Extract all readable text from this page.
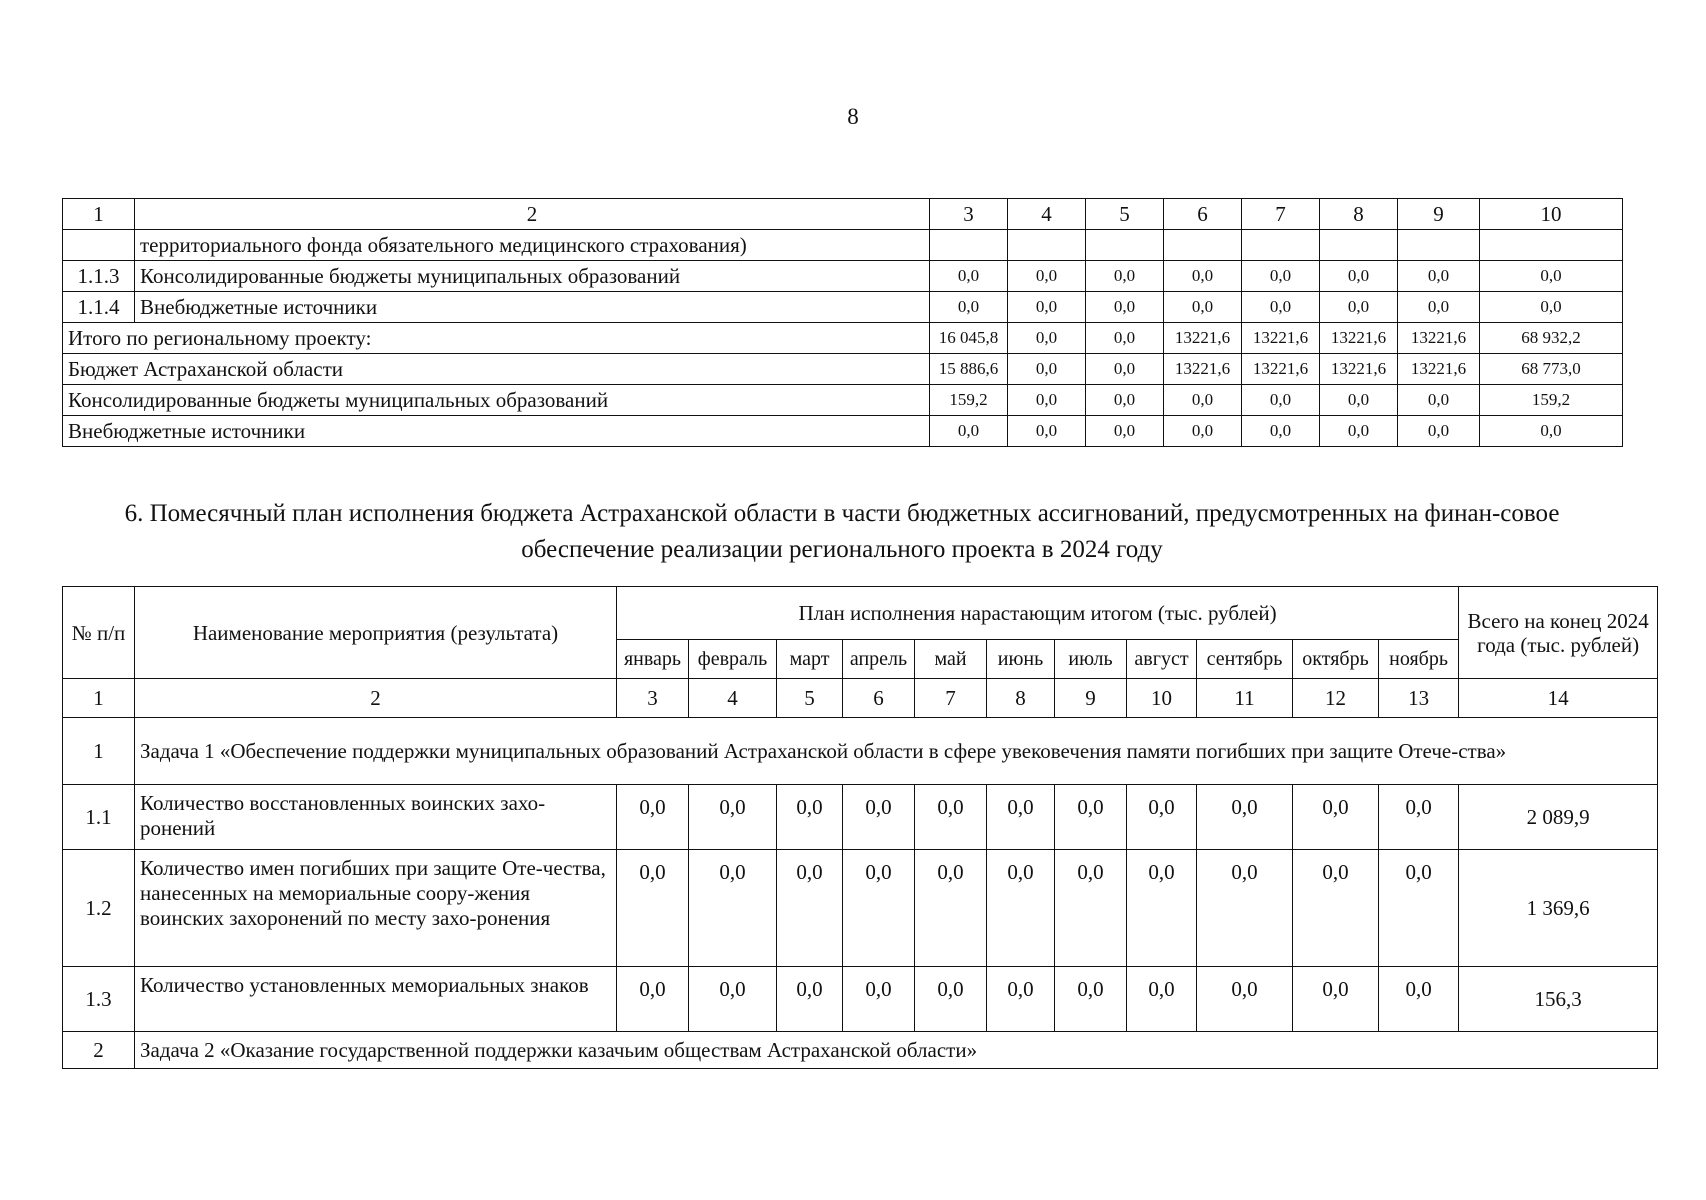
8
1	2	3	4	5	6	7	8	9	10
	территориального фонда обязательного медицинского страхования)								
1.1.3	Консолидированные бюджеты муниципальных образований	0,0	0,0	0,0	0,0	0,0	0,0	0,0	0,0
1.1.4	Внебюджетные источники	0,0	0,0	0,0	0,0	0,0	0,0	0,0	0,0
Итого по региональному проекту:		16 045,8	0,0	0,0	13221,6	13221,6	13221,6	13221,6	68 932,2
Бюджет Астраханской области		15 886,6	0,0	0,0	13221,6	13221,6	13221,6	13221,6	68 773,0
Консолидированные бюджеты муниципальных образований		159,2	0,0	0,0	0,0	0,0	0,0	0,0	159,2
Внебюджетные источники		0,0	0,0	0,0	0,0	0,0	0,0	0,0	0,0
6. Помесячный план исполнения бюджета Астраханской области в части бюджетных ассигнований, предусмотренных на финан-совое обеспечение реализации регионального проекта в 2024 году
№ п/п	Наименование мероприятия (результата)	План исполнения нарастающим итогом (тыс. рублей)											Всего на конец 2024 года (тыс. рублей)
		январь	февраль	март	апрель	май	июнь	июль	август	сентябрь	октябрь	ноябрь	
1	2	3	4	5	6	7	8	9	10	11	12	13	14
1	Задача 1 «Обеспечение поддержки муниципальных образований Астраханской области в сфере увековечения памяти погибших при защите Отече-ства»												
1.1	Количество восстановленных воинских захо-ронений	0,0	0,0	0,0	0,0	0,0	0,0	0,0	0,0	0,0	0,0	0,0	2 089,9
1.2	Количество имен погибших при защите Оте-чества, нанесенных на мемориальные соору-жения воинских захоронений по месту захо-ронения	0,0	0,0	0,0	0,0	0,0	0,0	0,0	0,0	0,0	0,0	0,0	1 369,6
1.3	Количество установленных мемориальных знаков	0,0	0,0	0,0	0,0	0,0	0,0	0,0	0,0	0,0	0,0	0,0	156,3
2	Задача 2 «Оказание государственной поддержки казачьим обществам Астраханской области»												
